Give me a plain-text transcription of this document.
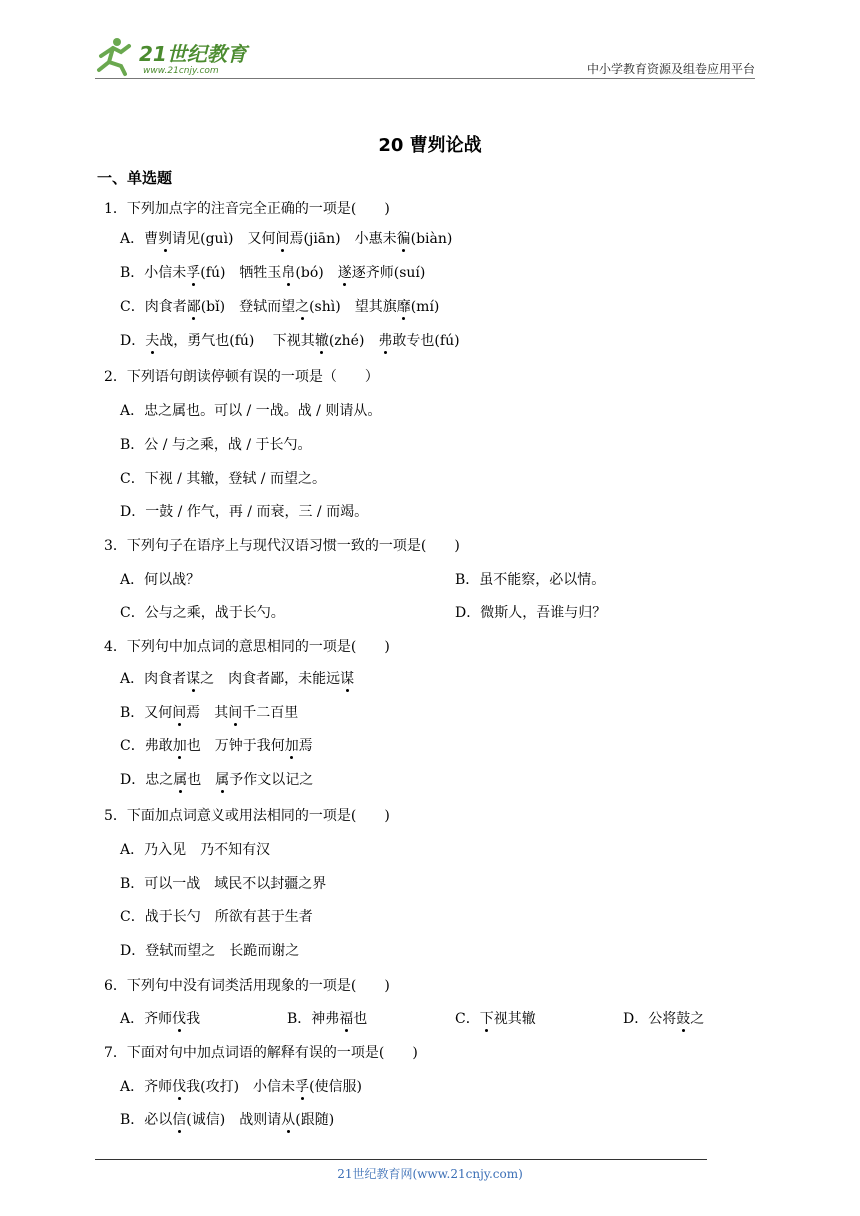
21世纪教育
www.21cnjy.com	中小学教育资源及组卷应用平台
20 曹刿论战
一、单选题
1．下列加点字的注音完全正确的一项是(　　)
A．曹刿请见(guì)　又何间焉(jiān)　小惠未徧(biàn)
B．小信未孚(fú)　牺牲玉帛(bó)　遂逐齐师(suí)
C．肉食者鄙(bǐ)　登轼而望之(shì)　望其旗靡(mí)
D．夫战，勇气也(fú)　 下视其辙(zhé)　弗敢专也(fú)
2．下列语句朗读停顿有误的一项是（　　）
A．忠之属也。可以 / 一战。战 / 则请从。
B．公 / 与之乘，战 / 于长勺。
C．下视 / 其辙，登轼 / 而望之。
D．一鼓 / 作气，再 / 而衰，三 / 而竭。
3．下列句子在语序上与现代汉语习惯一致的一项是(　　)
A．何以战？	B．虽不能察，必以情。
C．公与之乘，战于长勺。	D．微斯人，吾谁与归？
4．下列句中加点词的意思相同的一项是(　　)
A．肉食者谋之　肉食者鄙，未能远谋
B．又何间焉　其间千二百里
C．弗敢加也　万钟于我何加焉
D．忠之属也　属予作文以记之
5．下面加点词意义或用法相同的一项是(　　)
A．乃入见　乃不知有汉
B．可以一战　域民不以封疆之界
C．战于长勺　所欲有甚于生者
D．登轼而望之　长跪而谢之
6．下列句中没有词类活用现象的一项是(　　)
A．齐师伐我	B．神弗福也	C．下视其辙	D．公将鼓之
7．下面对句中加点词语的解释有误的一项是(　　)
A．齐师伐我(攻打)　小信未孚(使信服)
B．必以信(诚信)　战则请从(跟随)
21世纪教育网(www.21cnjy.com)
